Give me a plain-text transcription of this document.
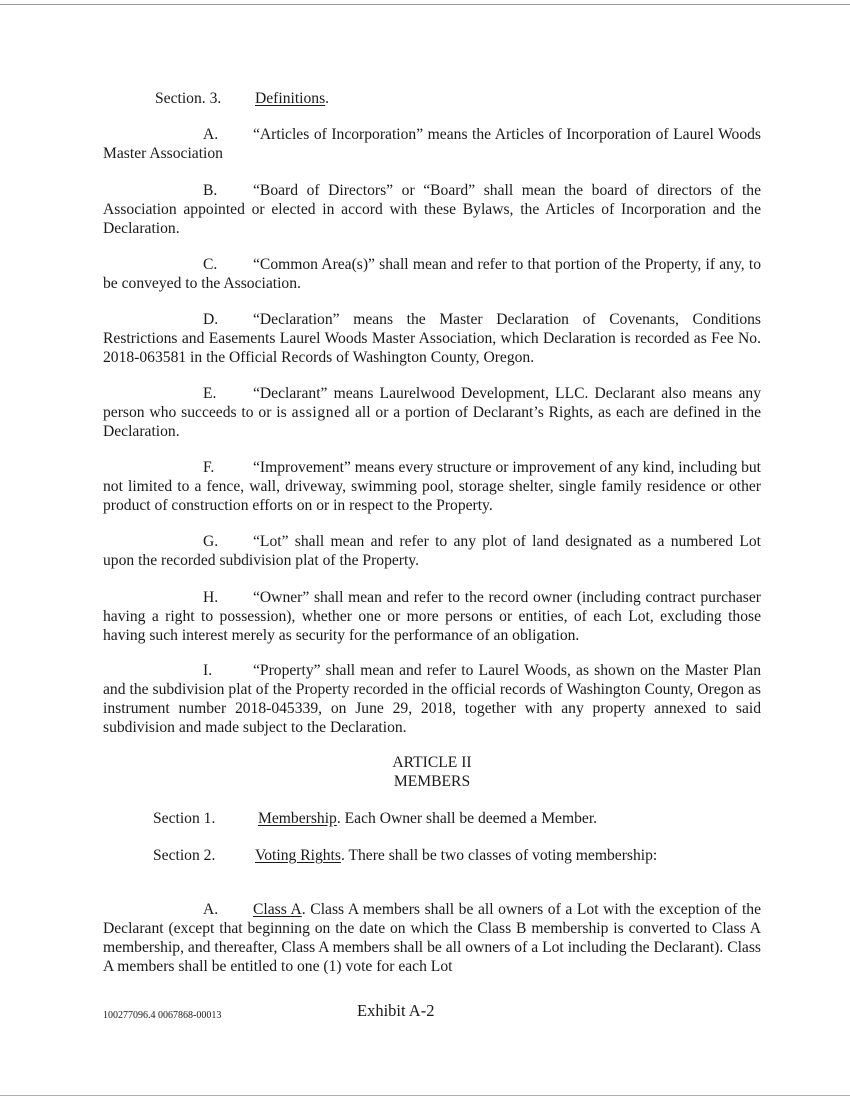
Section. 3. Definitions.
A. “Articles of Incorporation” means the Articles of Incorporation of Laurel Woods Master Association
B. “Board of Directors” or “Board” shall mean the board of directors of the Association appointed or elected in accord with these Bylaws, the Articles of Incorporation and the Declaration.
C. “Common Area(s)” shall mean and refer to that portion of the Property, if any, to be conveyed to the Association.
D. “Declaration” means the Master Declaration of Covenants, Conditions Restrictions and Easements Laurel Woods Master Association, which Declaration is recorded as Fee No. 2018-063581 in the Official Records of Washington County, Oregon.
E. “Declarant” means Laurelwood Development, LLC. Declarant also means any person who succeeds to or is assigned all or a portion of Declarant’s Rights, as each are defined in the Declaration.
F. “Improvement” means every structure or improvement of any kind, including but not limited to a fence, wall, driveway, swimming pool, storage shelter, single family residence or other product of construction efforts on or in respect to the Property.
G. “Lot” shall mean and refer to any plot of land designated as a numbered Lot upon the recorded subdivision plat of the Property.
H. “Owner” shall mean and refer to the record owner (including contract purchaser having a right to possession), whether one or more persons or entities, of each Lot, excluding those having such interest merely as security for the performance of an obligation.
I.	“Property” shall mean and refer to Laurel Woods, as shown on the Master Plan and the subdivision plat of the Property recorded in the official records of Washington County, Oregon as instrument number 2018-045339, on June 29, 2018, together with any property annexed to said subdivision and made subject to the Declaration.
ARTICLE II
MEMBERS
Section 1.	Membership. Each Owner shall be deemed a Member.
Section 2.	Voting Rights. There shall be two classes of voting membership:
A. Class A. Class A members shall be all owners of a Lot with the exception of the Declarant (except that beginning on the date on which the Class B membership is converted to Class A membership, and thereafter, Class A members shall be all owners of a Lot including the Declarant). Class A members shall be entitled to one (1) vote for each Lot
100277096.4 0067868-00013	Exhibit A-2
